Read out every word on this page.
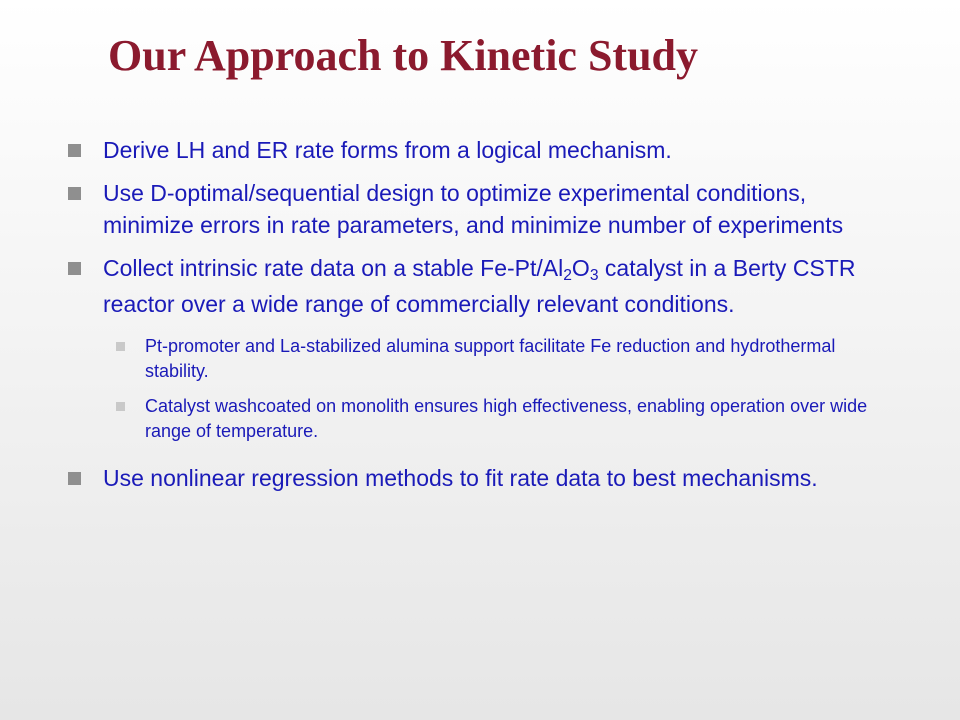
Our Approach to Kinetic Study
Derive LH and ER rate forms from a logical mechanism.
Use D-optimal/sequential design to optimize experimental conditions, minimize errors in rate parameters, and minimize number of experiments
Collect intrinsic rate data on a stable $Fe-Pt/Al_2O_3$ catalyst in a Berty CSTR reactor over a wide range of commercially relevant conditions.
Pt-promoter and La-stabilized alumina support facilitate Fe reduction and hydrothermal stability.
Catalyst washcoated on monolith ensures high effectiveness, enabling operation over wide range of temperature.
Use nonlinear regression methods to fit rate data to best mechanisms.
